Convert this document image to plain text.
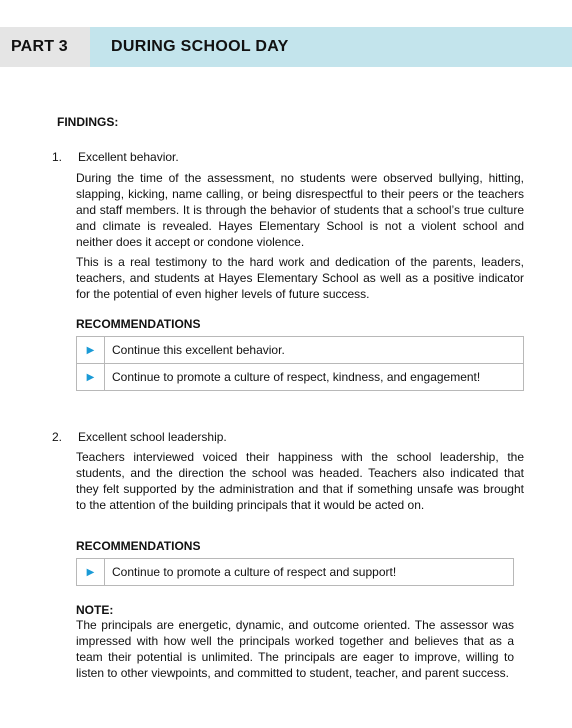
PART 3	DURING SCHOOL DAY
FINDINGS:
1. Excellent behavior.

During the time of the assessment, no students were observed bullying, hitting, slapping, kicking, name calling, or being disrespectful to their peers or the teachers and staff members. It is through the behavior of students that a school’s true culture and climate is revealed. Hayes Elementary School is not a violent school and neither does it accept or condone violence.

This is a real testimony to the hard work and dedication of the parents, leaders, teachers, and students at Hayes Elementary School as well as a positive indicator for the potential of even higher levels of future success.

RECOMMENDATIONS
▶	Continue this excellent behavior.
▶	Continue to promote a culture of respect, kindness, and engagement!
2. Excellent school leadership.

Teachers interviewed voiced their happiness with the school leadership, the students, and the direction the school was headed. Teachers also indicated that they felt supported by the administration and that if something unsafe was brought to the attention of the building principals that it would be acted on.

RECOMMENDATIONS
▶	Continue to promote a culture of respect and support!
NOTE:

The principals are energetic, dynamic, and outcome oriented. The assessor was impressed with how well the principals worked together and believes that as a team their potential is unlimited. The principals are eager to improve, willing to listen to other viewpoints, and committed to student, teacher, and parent success.
